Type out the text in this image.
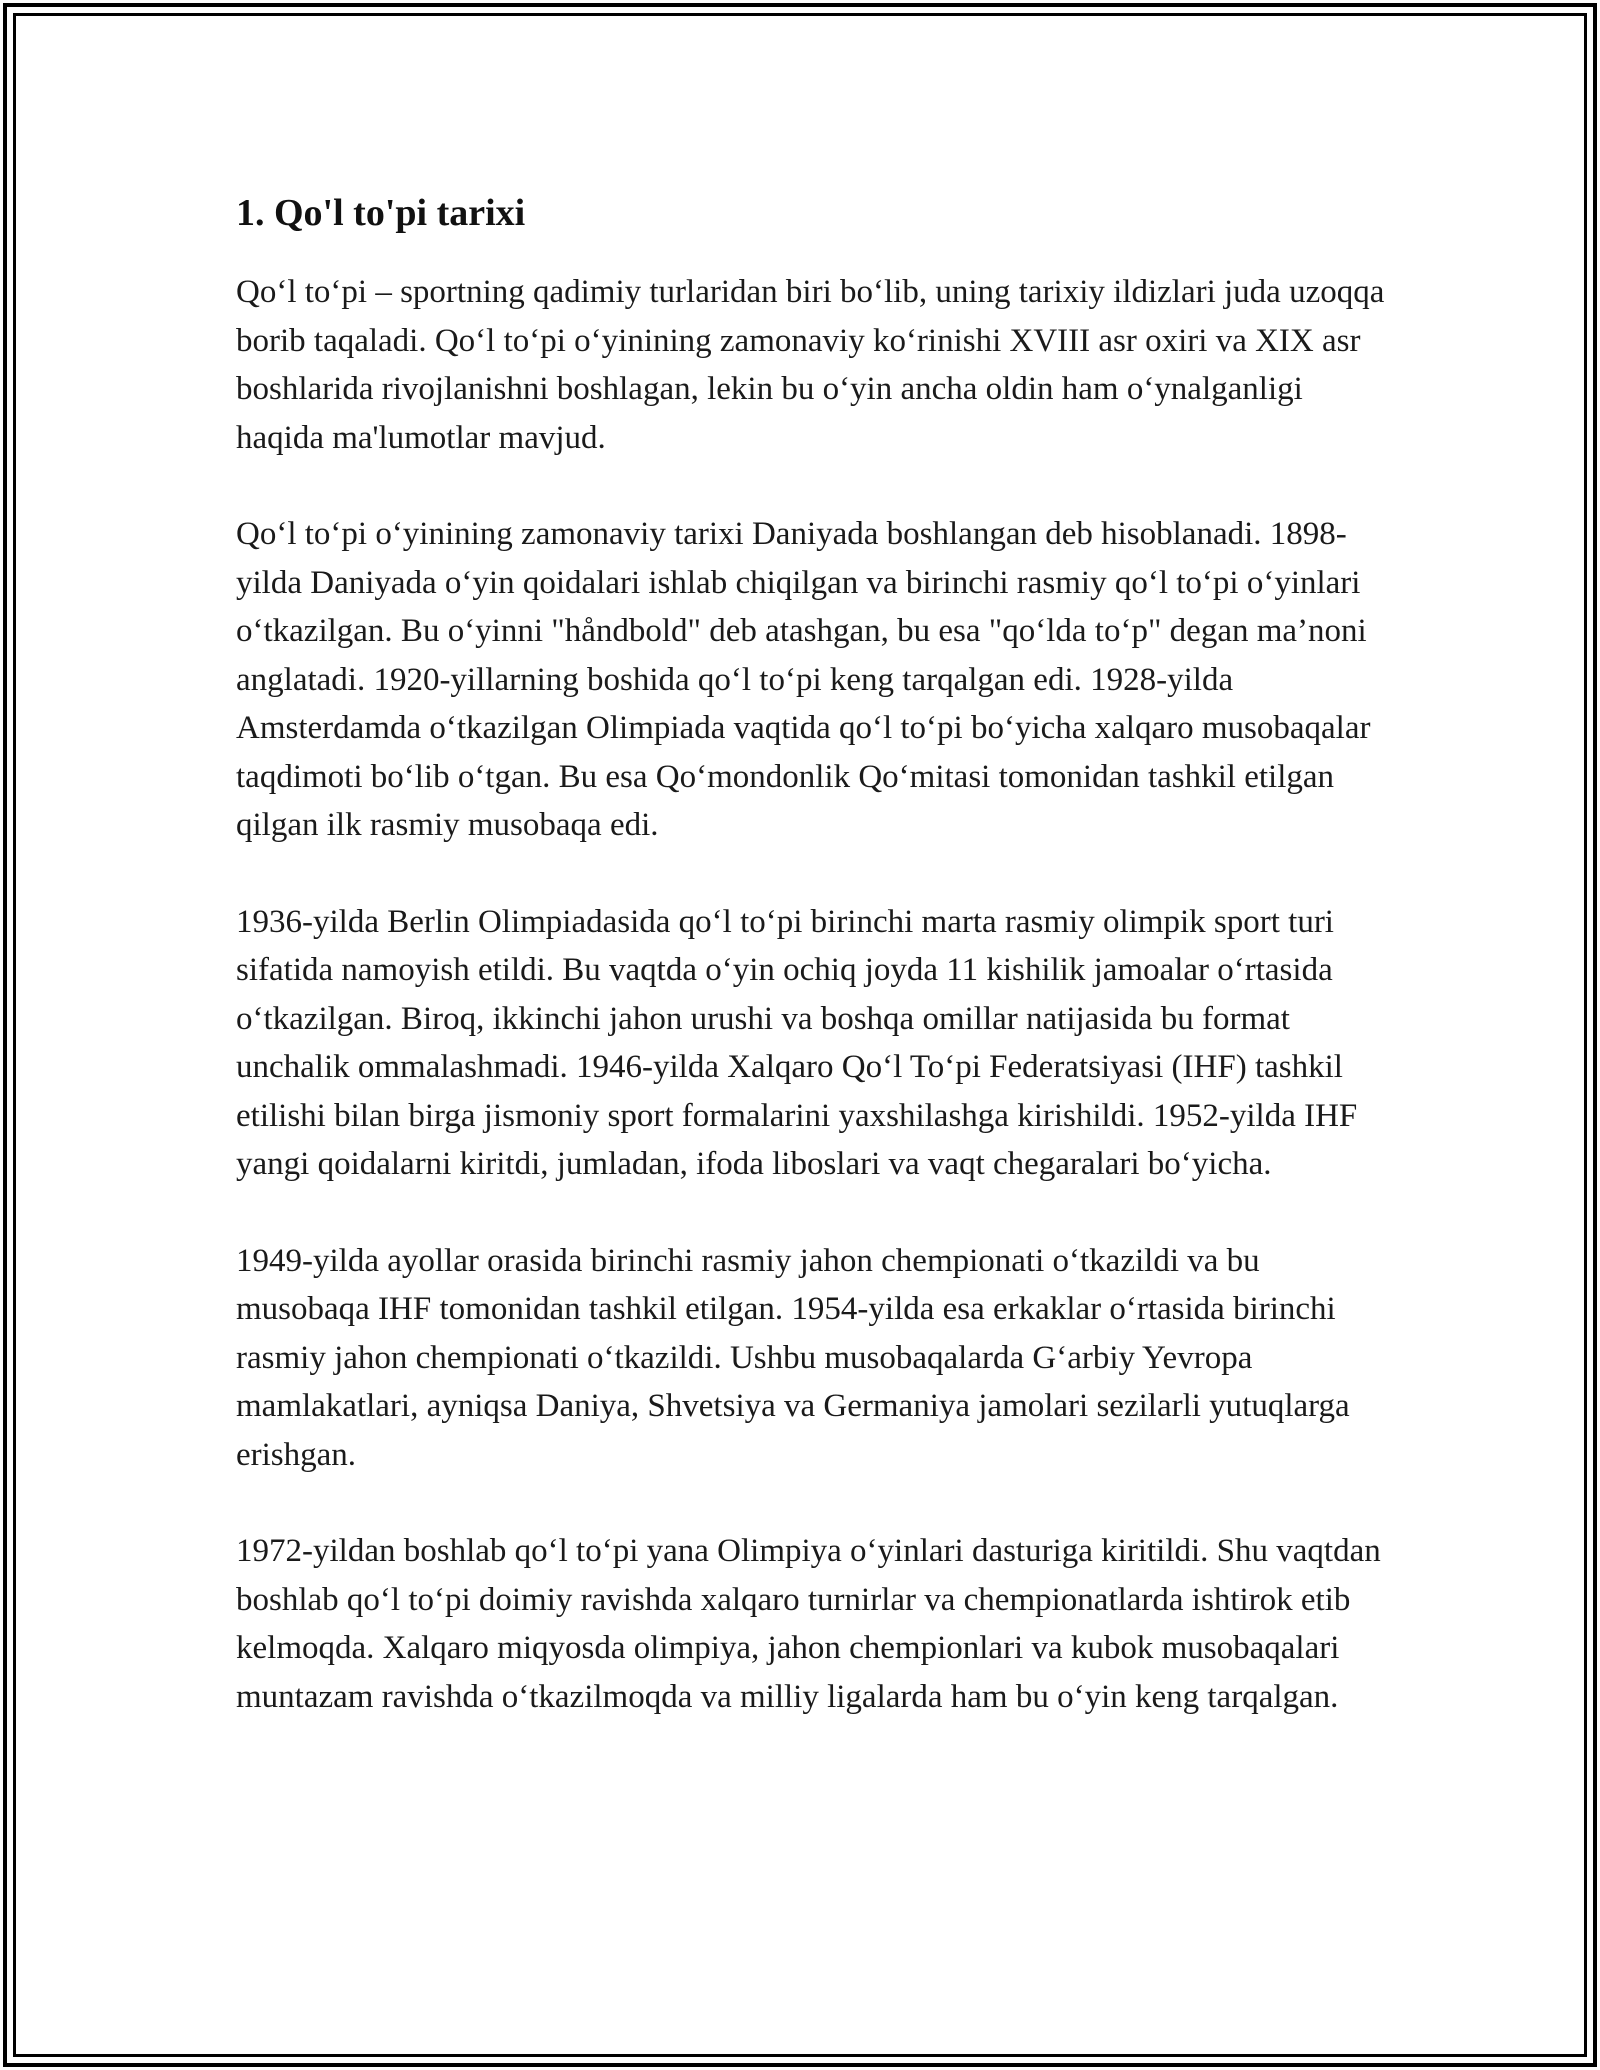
1. Qo'l to'pi tarixi

Qo‘l to‘pi – sportning qadimiy turlaridan biri bo‘lib, uning tarixiy ildizlari juda uzoqqa borib taqaladi. Qo‘l to‘pi o‘yinining zamonaviy ko‘rinishi XVIII asr oxiri va XIX asr boshlarida rivojlanishni boshlagan, lekin bu o‘yin ancha oldin ham o‘ynalganligi haqida ma'lumotlar mavjud.

Qo‘l to‘pi o‘yinining zamonaviy tarixi Daniyada boshlangan deb hisoblanadi. 1898-yilda Daniyada o‘yin qoidalari ishlab chiqilgan va birinchi rasmiy qo‘l to‘pi o‘yinlari o‘tkazilgan. Bu o‘yinni "håndbold" deb atashgan, bu esa "qo‘lda to‘p" degan ma’noni anglatadi. 1920-yillarning boshida qo‘l to‘pi keng tarqalgan edi. 1928-yilda Amsterdamda o‘tkazilgan Olimpiada vaqtida qo‘l to‘pi bo‘yicha xalqaro musobaqalar taqdimoti bo‘lib o‘tgan. Bu esa Qo‘mondonlik Qo‘mitasi tomonidan tashkil etilgan qilgan ilk rasmiy musobaqa edi.

1936-yilda Berlin Olimpiadasida qo‘l to‘pi birinchi marta rasmiy olimpik sport turi sifatida namoyish etildi. Bu vaqtda o‘yin ochiq joyda 11 kishilik jamoalar o‘rtasida o‘tkazilgan. Biroq, ikkinchi jahon urushi va boshqa omillar natijasida bu format unchalik ommalashmadi. 1946-yilda Xalqaro Qo‘l To‘pi Federatsiyasi (IHF) tashkil etilishi bilan birga jismoniy sport formalarini yaxshilashga kirishildi. 1952-yilda IHF yangi qoidalarni kiritdi, jumladan, ifoda liboslari va vaqt chegaralari bo‘yicha.

1949-yilda ayollar orasida birinchi rasmiy jahon chempionati o‘tkazildi va bu musobaqa IHF tomonidan tashkil etilgan. 1954-yilda esa erkaklar o‘rtasida birinchi rasmiy jahon chempionati o‘tkazildi. Ushbu musobaqalarda G‘arbiy Yevropa mamlakatlari, ayniqsa Daniya, Shvetsiya va Germaniya jamolari sezilarli yutuqlarga erishgan.

1972-yildan boshlab qo‘l to‘pi yana Olimpiya o‘yinlari dasturiga kiritildi. Shu vaqtdan boshlab qo‘l to‘pi doimiy ravishda xalqaro turnirlar va chempionatlarda ishtirok etib kelmoqda. Xalqaro miqyosda olimpiya, jahon chempionlari va kubok musobaqalari muntazam ravishda o‘tkazilmoqda va milliy ligalarda ham bu o‘yin keng tarqalgan.
